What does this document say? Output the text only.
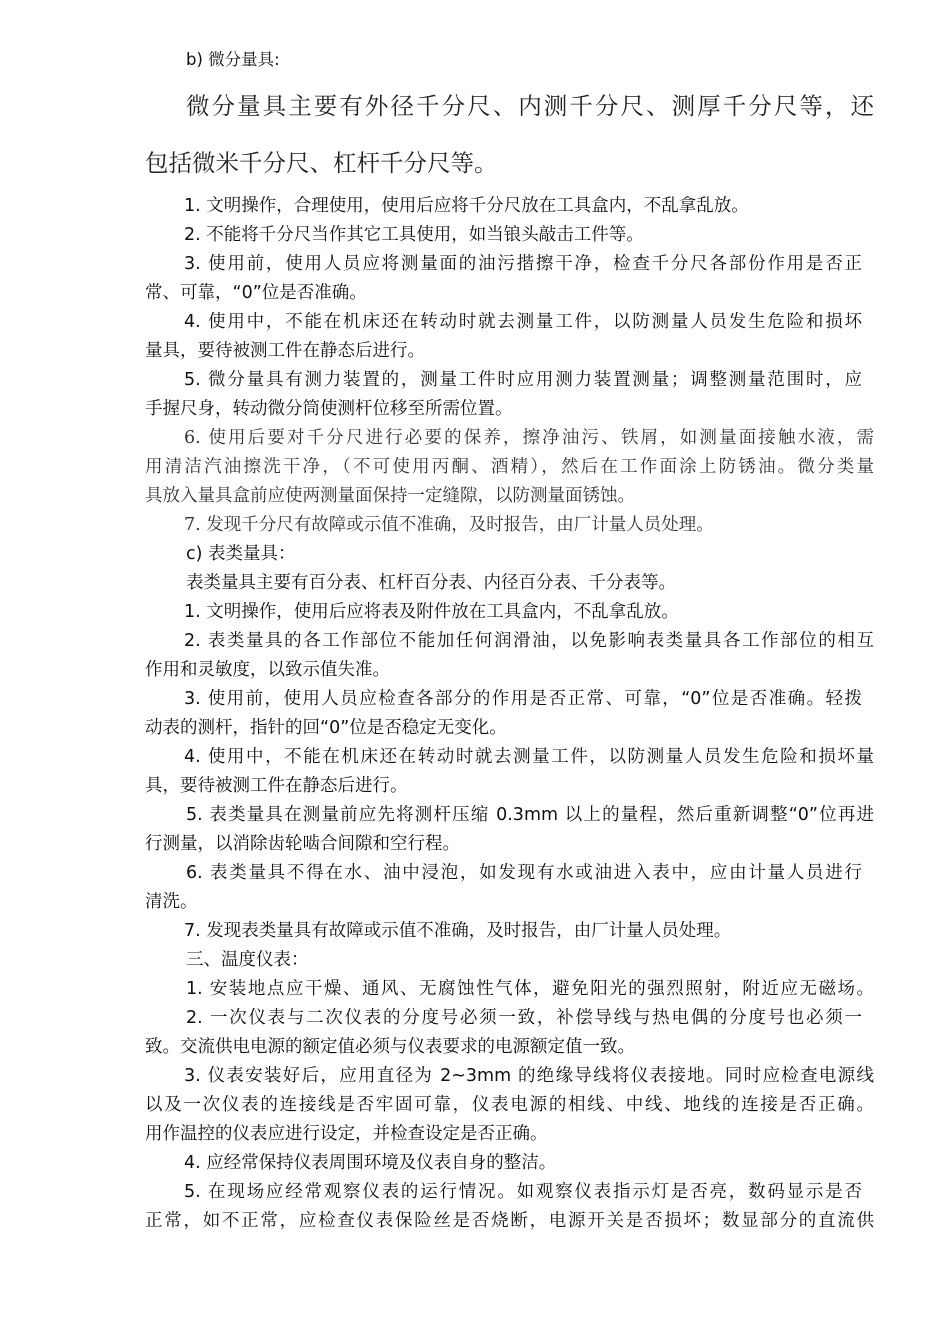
b) 微分量具:

微分量具主要有外径千分尺、内测千分尺、测厚千分尺等，还

包括微米千分尺、杠杆千分尺等。

1. 文明操作，合理使用，使用后应将千分尺放在工具盒内，不乱拿乱放。

2. 不能将千分尺当作其它工具使用，如当锒头敲击工件等。

3. 使用前，使用人员应将测量面的油污揩擦干净，检查千分尺各部份作用是否正

常、可靠，“0”位是否准确。

4. 使用中，不能在机床还在转动时就去测量工件，以防测量人员发生危险和损坏

量具，要待被测工件在静态后进行。

5. 微分量具有测力装置的，测量工件时应用测力装置测量；调整测量范围时，应

手握尺身，转动微分筒使测杆位移至所需位置。

6. 使用后要对千分尺进行必要的保养，擦净油污、铁屑，如测量面接触水液，需

用清洁汽油擦洗干净，（不可使用丙酮、酒精），然后在工作面涂上防锈油。微分类量

具放入量具盒前应使两测量面保持一定缝隙，以防测量面锈蚀。

7. 发现千分尺有故障或示值不准确，及时报告，由厂计量人员处理。

c) 表类量具：

表类量具主要有百分表、杠杆百分表、内径百分表、千分表等。

1. 文明操作，使用后应将表及附件放在工具盒内，不乱拿乱放。

2. 表类量具的各工作部位不能加任何润滑油，以免影响表类量具各工作部位的相互

作用和灵敏度，以致示值失准。

3. 使用前，使用人员应检查各部分的作用是否正常、可靠，“0”位是否准确。轻拨

动表的测杆，指针的回“0”位是否稳定无变化。

4. 使用中，不能在机床还在转动时就去测量工件，以防测量人员发生危险和损坏量

具，要待被测工件在静态后进行。

5. 表类量具在测量前应先将测杆压缩 0.3mm 以上的量程，然后重新调整“0”位再进

行测量，以消除齿轮啮合间隙和空行程。

6. 表类量具不得在水、油中浸泡，如发现有水或油进入表中，应由计量人员进行

清洗。

7. 发现表类量具有故障或示值不准确，及时报告，由厂计量人员处理。

三、温度仪表：

1. 安装地点应干燥、通风、无腐蚀性气体，避免阳光的强烈照射，附近应无磁场。

2. 一次仪表与二次仪表的分度号必须一致，补偿导线与热电偶的分度号也必须一

致。交流供电电源的额定值必须与仪表要求的电源额定值一致。

3. 仪表安装好后，应用直径为 2~3mm 的绝缘导线将仪表接地。同时应检查电源线

以及一次仪表的连接线是否牢固可靠，仪表电源的相线、中线、地线的连接是否正确。

用作温控的仪表应进行设定，并检查设定是否正确。

4. 应经常保持仪表周围环境及仪表自身的整洁。

5. 在现场应经常观察仪表的运行情况。如观察仪表指示灯是否亮，数码显示是否

正常，如不正常，应检查仪表保险丝是否烧断，电源开关是否损坏；数显部分的直流供
